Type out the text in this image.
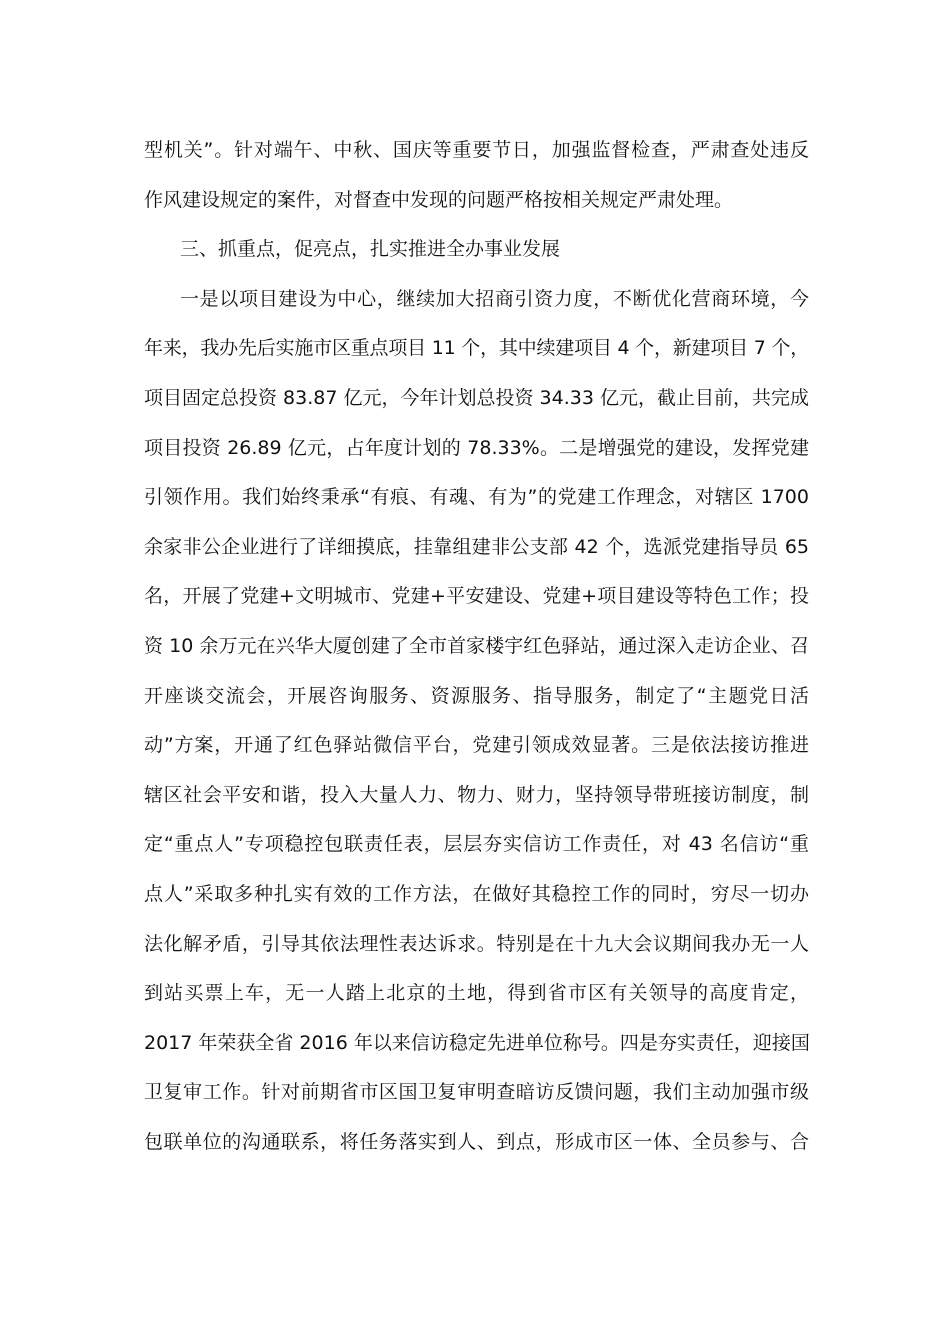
型机关”。针对端午、中秋、国庆等重要节日，加强监督检查，严肃查处违反
作风建设规定的案件，对督查中发现的问题严格按相关规定严肃处理。
三、抓重点，促亮点，扎实推进全办事业发展
一是以项目建设为中心，继续加大招商引资力度，不断优化营商环境，今
年来，我办先后实施市区重点项目 11 个，其中续建项目 4 个，新建项目 7 个，
项目固定总投资 83.87 亿元，今年计划总投资 34.33 亿元，截止目前，共完成
项目投资 26.89 亿元，占年度计划的 78.33%。二是增强党的建设，发挥党建
引领作用。我们始终秉承“有痕、有魂、有为”的党建工作理念，对辖区 1700
余家非公企业进行了详细摸底，挂靠组建非公支部 42 个，选派党建指导员 65
名，开展了党建+文明城市、党建+平安建设、党建+项目建设等特色工作；投
资 10 余万元在兴华大厦创建了全市首家楼宇红色驿站，通过深入走访企业、召
开座谈交流会，开展咨询服务、资源服务、指导服务，制定了“主题党日活
动”方案，开通了红色驿站微信平台，党建引领成效显著。三是依法接访推进
辖区社会平安和谐，投入大量人力、物力、财力，坚持领导带班接访制度，制
定“重点人”专项稳控包联责任表，层层夯实信访工作责任，对 43 名信访“重
点人”采取多种扎实有效的工作方法，在做好其稳控工作的同时，穷尽一切办
法化解矛盾，引导其依法理性表达诉求。特别是在十九大会议期间我办无一人
到站买票上车，无一人踏上北京的土地，得到省市区有关领导的高度肯定，
2017 年荣获全省 2016 年以来信访稳定先进单位称号。四是夯实责任，迎接国
卫复审工作。针对前期省市区国卫复审明查暗访反馈问题，我们主动加强市级
包联单位的沟通联系，将任务落实到人、到点，形成市区一体、全员参与、合
